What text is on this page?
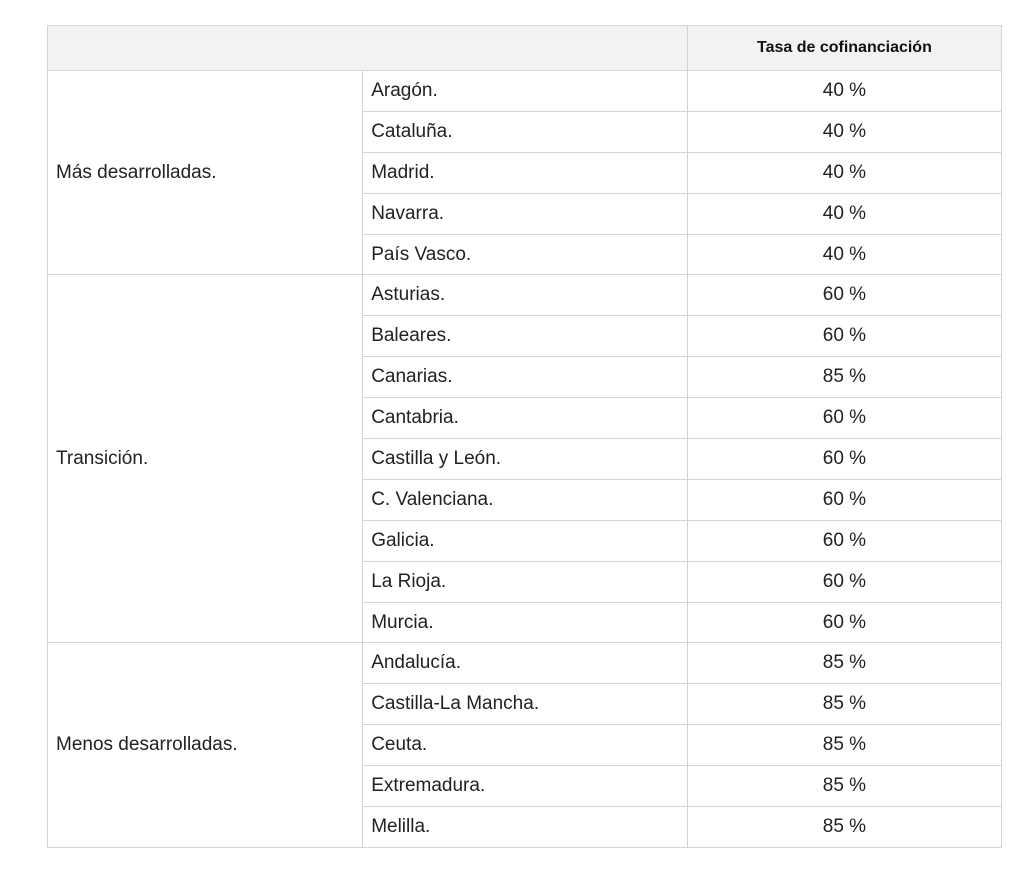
		Tasa de cofinanciación
Más desarrolladas.	Aragón.	40 %
	Cataluña.	40 %
	Madrid.	40 %
	Navarra.	40 %
	País Vasco.	40 %
Transición.	Asturias.	60 %
	Baleares.	60 %
	Canarias.	85 %
	Cantabria.	60 %
	Castilla y León.	60 %
	C. Valenciana.	60 %
	Galicia.	60 %
	La Rioja.	60 %
	Murcia.	60 %
Menos desarrolladas.	Andalucía.	85 %
	Castilla-La Mancha.	85 %
	Ceuta.	85 %
	Extremadura.	85 %
	Melilla.	85 %
